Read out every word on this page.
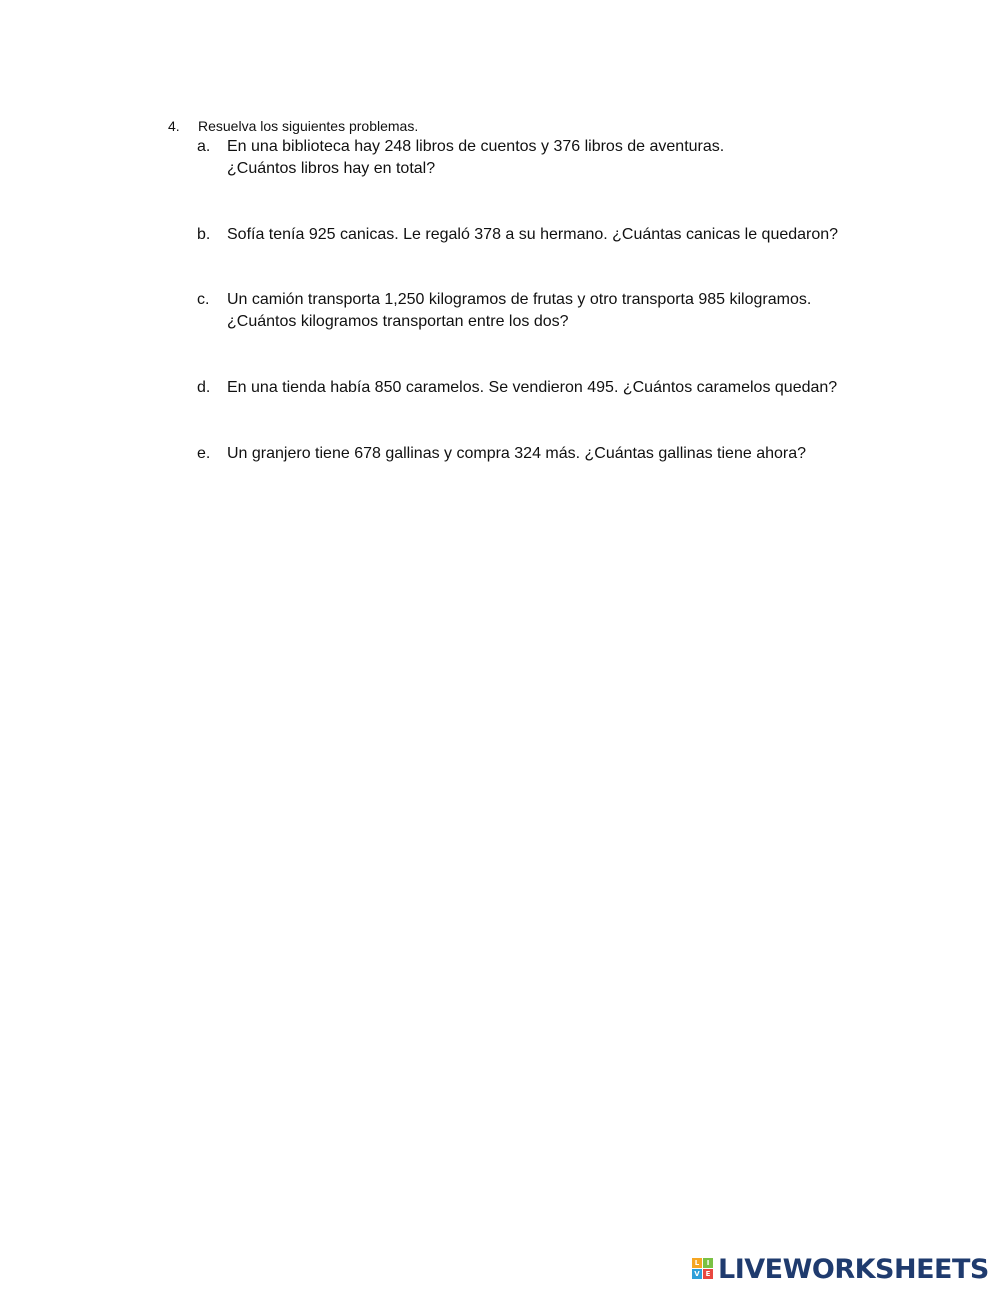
4.	Resuelva los siguientes problemas.
a.	En una biblioteca hay 248 libros de cuentos y 376 libros de aventuras.
¿Cuántos libros hay en total?
b.	Sofía tenía 925 canicas. Le regaló 378 a su hermano. ¿Cuántas canicas le quedaron?
c.	Un camión transporta 1,250 kilogramos de frutas y otro transporta 985 kilogramos.
¿Cuántos kilogramos transportan entre los dos?
d.	En una tienda había 850 caramelos. Se vendieron 495. ¿Cuántos caramelos quedan?
e.	Un granjero tiene 678 gallinas y compra 324 más. ¿Cuántas gallinas tiene ahora?
L	I
V E LIVEWORKSHEETS
